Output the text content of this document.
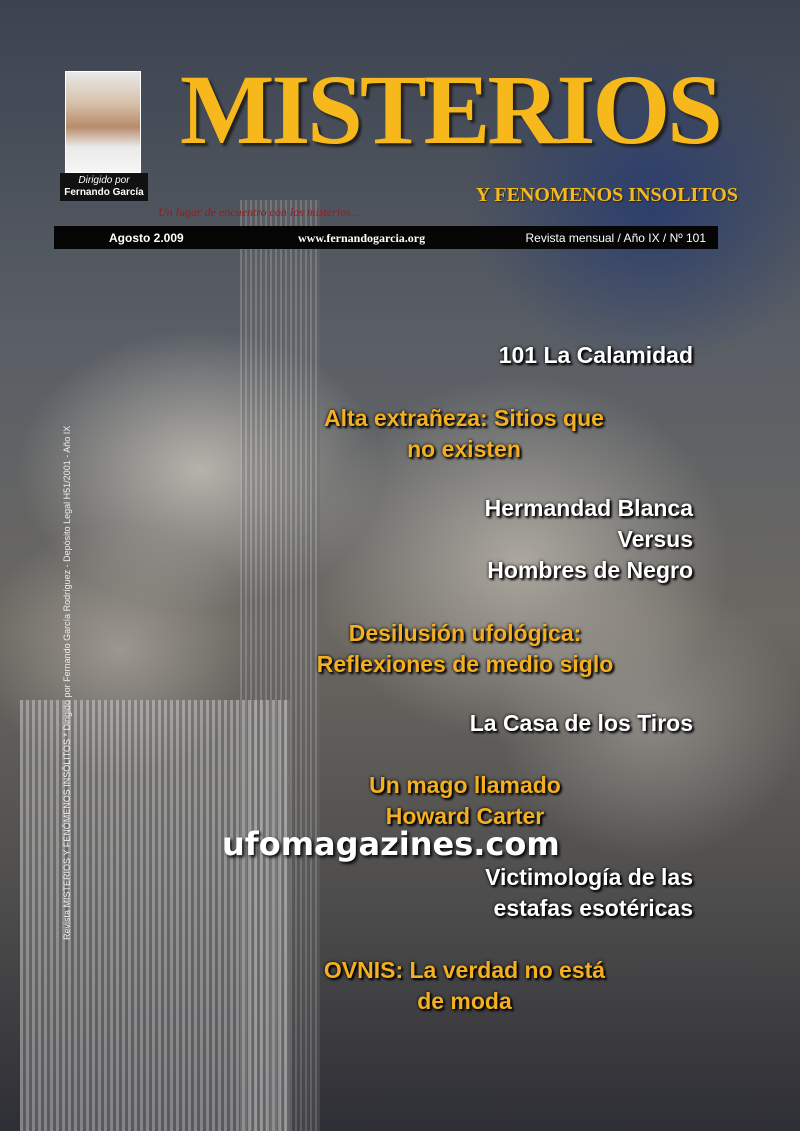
Dirigido por
Fernando García
MISTERIOS
Y FENOMENOS INSOLITOS
Un lugar de encuentro con los misterios...
Agosto 2.009	www.fernandogarcia.org	Revista mensual / Año IX / Nº 101
Revista MISTERIOS Y FENÓMENOS INSÓLITOS * Dirigido por Fernando García Rodríguez - Depósito Legal H51/2001 - Año IX
101 La Calamidad
Alta extrañeza: Sitios que
no existen
Hermandad Blanca
Versus
Hombres de Negro
Desilusión ufológica:
Reflexiones de medio siglo
La Casa de los Tiros
Un mago llamado
Howard Carter
Victimología de las
estafas esotéricas
OVNIS: La verdad no está
de moda
ufomagazines.com
